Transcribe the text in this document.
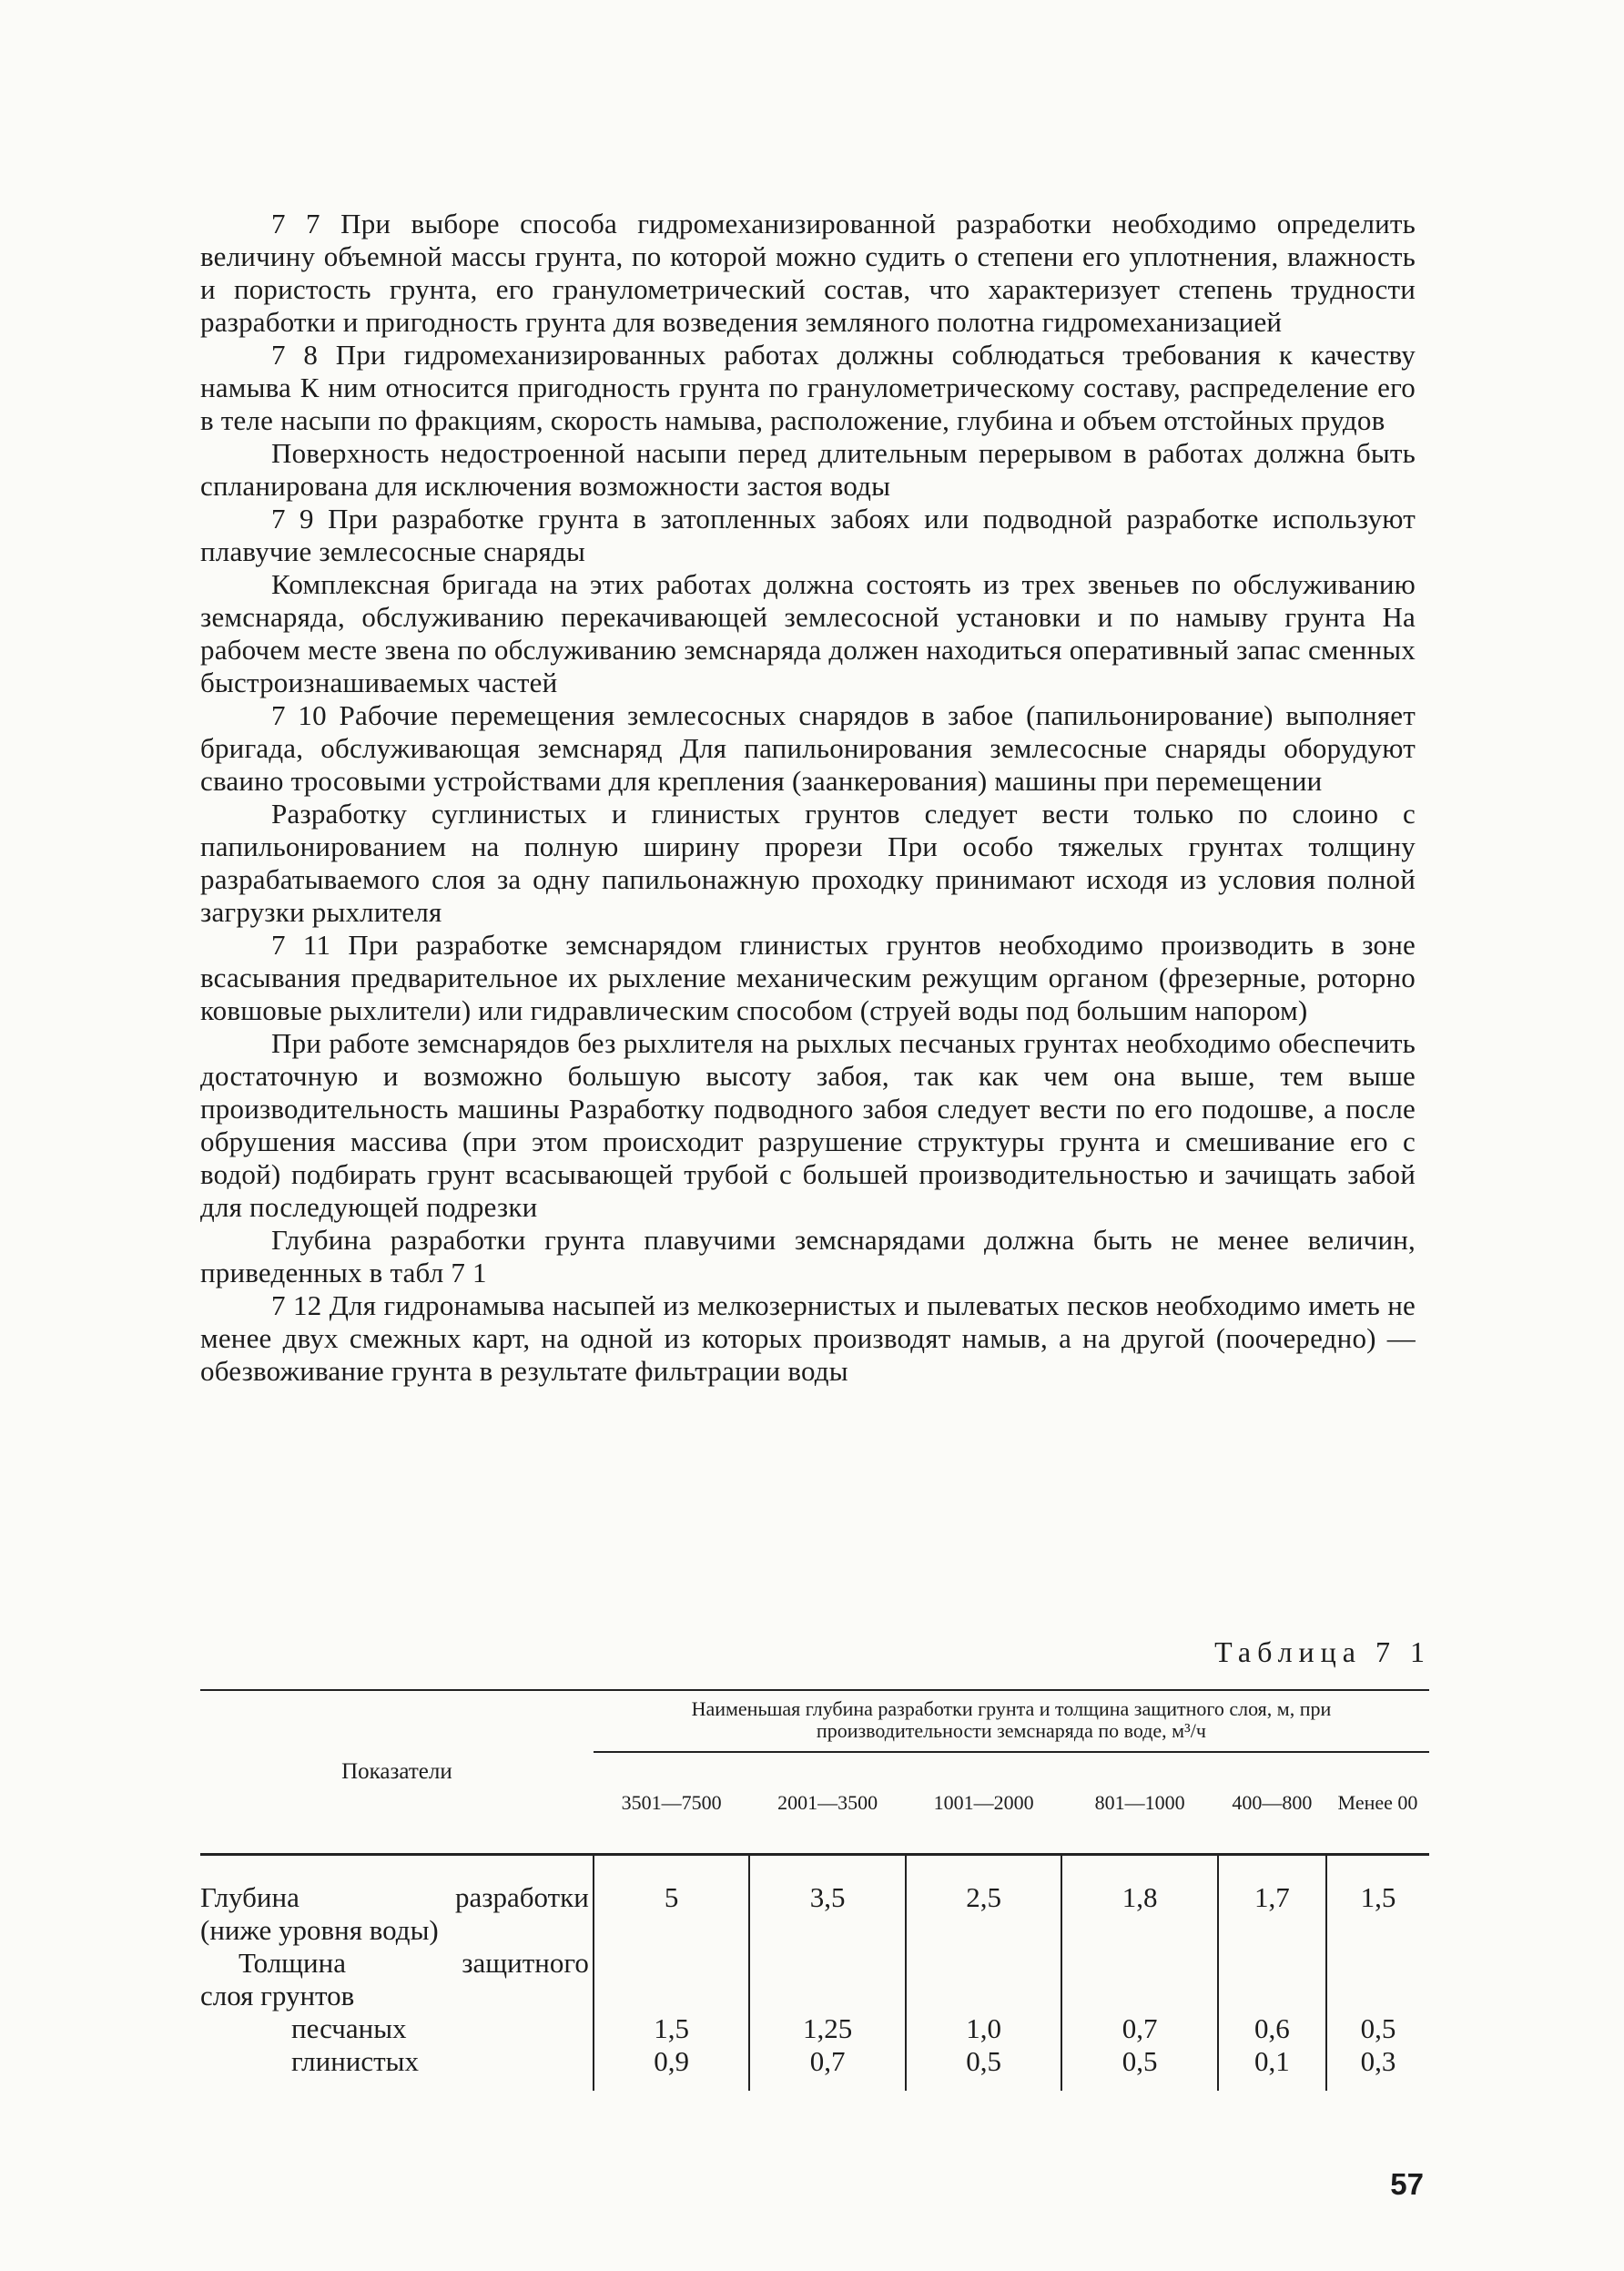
7 7 При выборе способа гидромеханизированной разработки необходимо определить величину объемной массы грунта, по которой можно судить о степени его уплотнения, влажность и пористость грунта, его гранулометрический состав, что характеризует степень трудности разработки и пригодность грунта для возведения земляного полотна гидромеханизацией

7 8 При гидромеханизированных работах должны соблюдаться требования к качеству намыва К ним относится пригодность грунта по гранулометрическому составу, распределение его в теле насыпи по фракциям, скорость намыва, расположение, глубина и объем отстойных прудов

Поверхность недостроенной насыпи перед длительным перерывом в работах должна быть спланирована для исключения возможности застоя воды

7 9 При разработке грунта в затопленных забоях или подводной разработке используют плавучие землесосные снаряды

Комплексная бригада на этих работах должна состоять из трех звеньев по обслуживанию земснаряда, обслуживанию перекачивающей землесосной установки и по намыву грунта На рабочем месте звена по обслуживанию земснаряда должен находиться оперативный запас сменных быстроизнашиваемых частей

7 10 Рабочие перемещения землесосных снарядов в забое (папильонирование) выполняет бригада, обслуживающая земснаряд Для папильонирования землесосные снаряды оборудуют сваино тросовыми устройствами для крепления (заанкерования) машины при перемещении

Разработку суглинистых и глинистых грунтов следует вести только по слоино с папильонированием на полную ширину прорези При особо тяжелых грунтах толщину разрабатываемого слоя за одну папильонажную проходку принимают исходя из условия полной загрузки рыхлителя

7 11 При разработке земснарядом глинистых грунтов необходимо производить в зоне всасывания предварительное их рыхление механическим режущим органом (фрезерные, роторно ковшовые рыхлители) или гидравлическим способом (струей воды под большим напором)

При работе земснарядов без рыхлителя на рыхлых песчаных грунтах необходимо обеспечить достаточную и возможно большую высоту забоя, так как чем она выше, тем выше производительность машины Разработку подводного забоя следует вести по его подошве, а после обрушения массива (при этом происходит разрушение структуры грунта и смешивание его с водой) подбирать грунт всасывающей трубой с большей производительностью и зачищать забой для последующей подрезки

Глубина разработки грунта плавучими земснарядами должна быть не менее величин, приведенных в табл 7 1

7 12 Для гидронамыва насыпей из мелкозернистых и пылеватых песков необходимо иметь не менее двух смежных карт, на одной из которых производят намыв, а на другой (поочередно) — обезвоживание грунта в результате фильтрации воды

Таблица 7 1
Показатели	Наименьшая глубина разработки грунта и толщина защитного слоя, м, при производительности земснаряда по воде, м³/ч					
	3501—7500	2001—3500	1001—2000	801—1000	400—800	Менее 00

Глубина разработки
(ниже уровня воды)	5	3,5	2,5	1,8	1,7	1,5

Толщина защитного
слоя грунтов						

песчаных	1,5	1,25	1,0	0,7	0,6	0,5

глинистых	0,9	0,7	0,5	0,5	0,1	0,3
57
